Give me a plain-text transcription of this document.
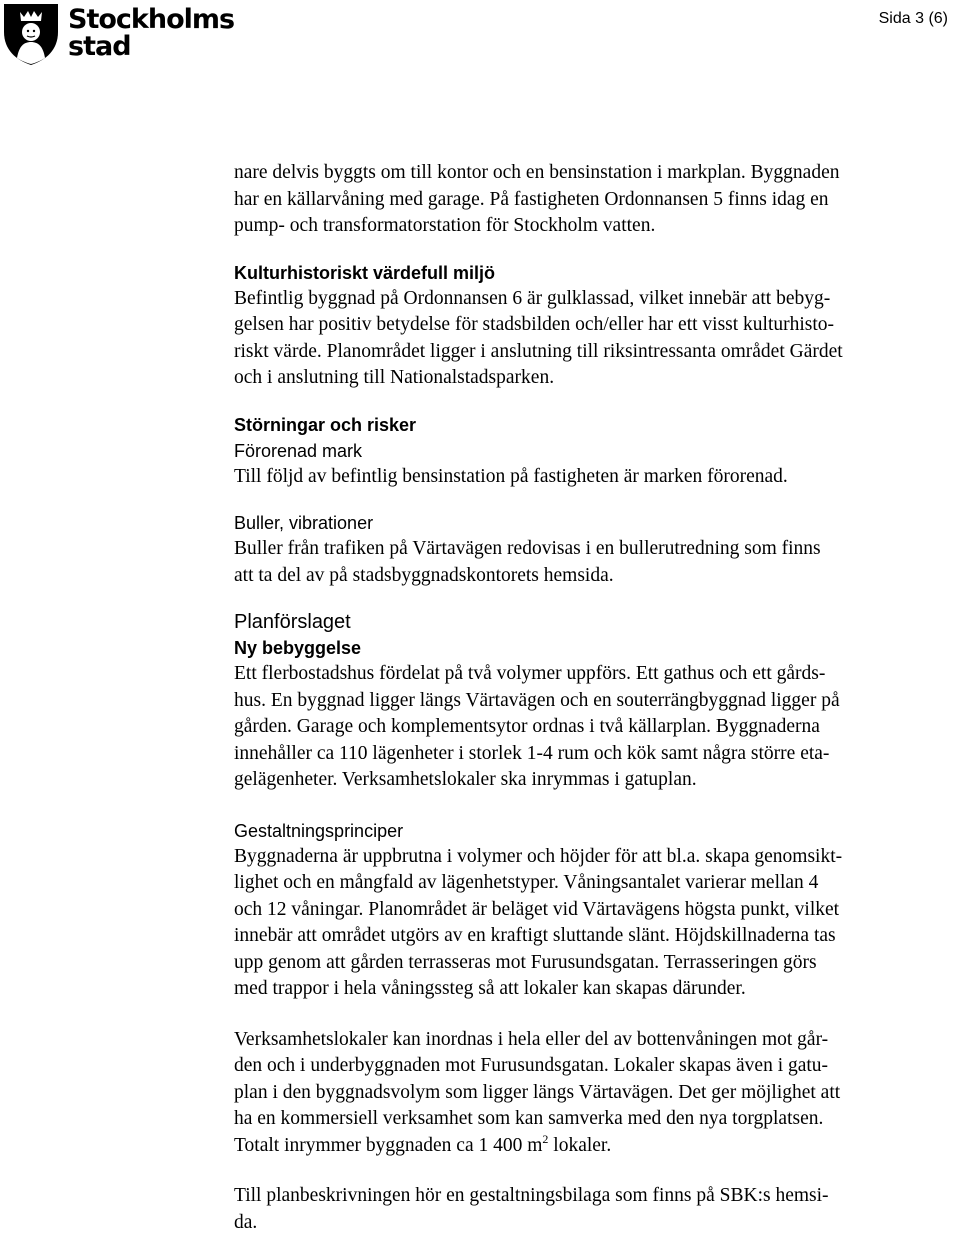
Stockholms
stad
Sida 3 (6)

nare delvis byggts om till kontor och en bensinstation i markplan. Byggnaden

har en källarvåning med garage. På fastigheten Ordonnansen 5 finns idag en

pump- och transformatorstation för Stockholm vatten.

Kulturhistoriskt värdefull miljö

Befintlig byggnad på Ordonnansen 6 är gulklassad, vilket innebär att bebyg-

gelsen har positiv betydelse för stadsbilden och/eller har ett visst kulturhisto-

riskt värde. Planområdet ligger i anslutning till riksintressanta området Gärdet

och i anslutning till Nationalstadsparken.

Störningar och risker

Förorenad mark

Till följd av befintlig bensinstation på fastigheten är marken förorenad.

Buller, vibrationer

Buller från trafiken på Värtavägen redovisas i en bullerutredning som finns

att ta del av på stadsbyggnadskontorets hemsida.

Planförslaget

Ny bebyggelse

Ett flerbostadshus fördelat på två volymer uppförs. Ett gathus och ett gårds-

hus. En byggnad ligger längs Värtavägen och en souterrängbyggnad ligger på

gården. Garage och komplementsytor ordnas i två källarplan. Byggnaderna

innehåller ca 110 lägenheter i storlek 1-4 rum och kök samt några större eta-

gelägenheter. Verksamhetslokaler ska inrymmas i gatuplan.

Gestaltningsprinciper

Byggnaderna är uppbrutna i volymer och höjder för att bl.a. skapa genomsikt-

lighet och en mångfald av lägenhetstyper. Våningsantalet varierar mellan 4

och 12 våningar. Planområdet är beläget vid Värtavägens högsta punkt, vilket

innebär att området utgörs av en kraftigt sluttande slänt. Höjdskillnaderna tas

upp genom att gården terrasseras mot Furusundsgatan. Terrasseringen görs

med trappor i hela våningssteg så att lokaler kan skapas därunder.

Verksamhetslokaler kan inordnas i hela eller del av bottenvåningen mot går-

den och i underbyggnaden mot Furusundsgatan. Lokaler skapas även i gatu-

plan i den byggnadsvolym som ligger längs Värtavägen. Det ger möjlighet att

ha en kommersiell verksamhet som kan samverka med den nya torgplatsen.

Totalt inrymmer byggnaden ca 1 400 $m^2$ lokaler.

Till planbeskrivningen hör en gestaltningsbilaga som finns på SBK:s hemsi-

da.
